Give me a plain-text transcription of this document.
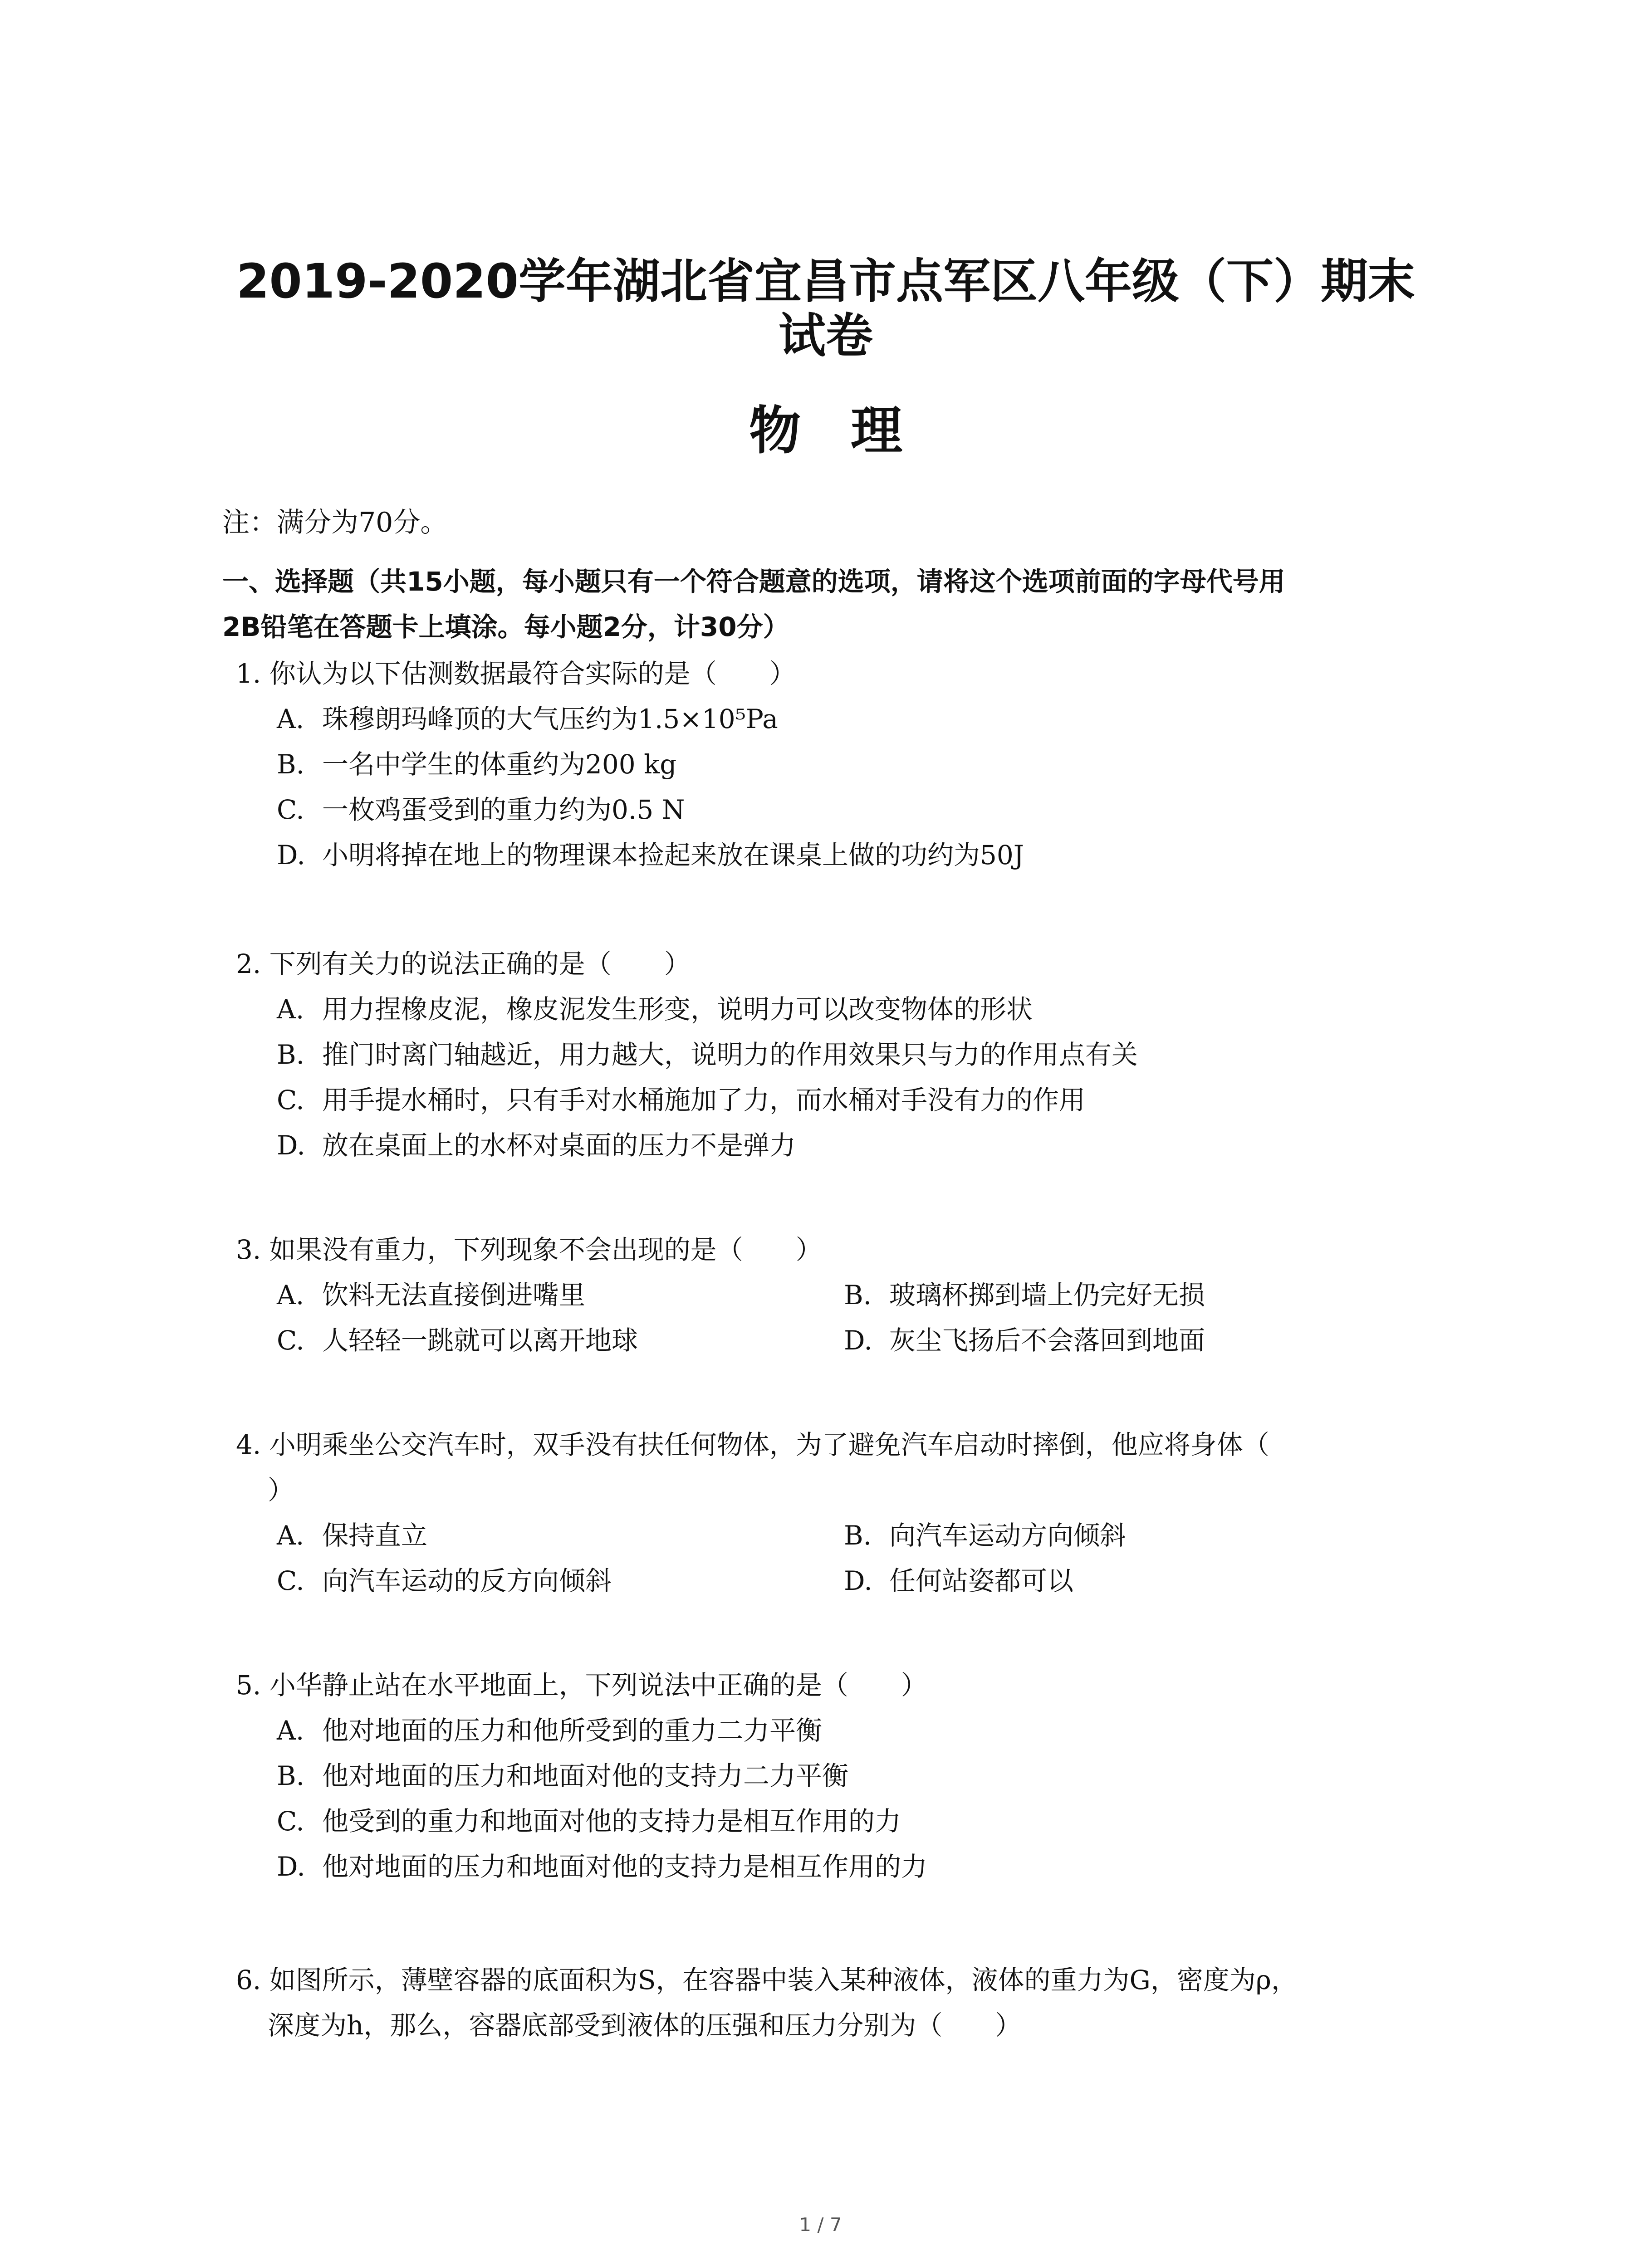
2019-2020学年湖北省宜昌市点军区八年级（下）期末
试卷
物理
注：满分为70分。
一、选择题（共15小题，每小题只有一个符合题意的选项，请将这个选项前面的字母代号用
2B铅笔在答题卡上填涂。每小题2分，计30分）
1. 你认为以下估测数据最符合实际的是（　　）
A. 珠穆朗玛峰顶的大气压约为1.5×10⁵Pa
B. 一名中学生的体重约为200 kg
C. 一枚鸡蛋受到的重力约为0.5 N
D. 小明将掉在地上的物理课本捡起来放在课桌上做的功约为50J
2. 下列有关力的说法正确的是（　　）
A. 用力捏橡皮泥，橡皮泥发生形变，说明力可以改变物体的形状
B. 推门时离门轴越近，用力越大，说明力的作用效果只与力的作用点有关
C. 用手提水桶时，只有手对水桶施加了力，而水桶对手没有力的作用
D. 放在桌面上的水杯对桌面的压力不是弹力
3. 如果没有重力，下列现象不会出现的是（　　）
A. 饮料无法直接倒进嘴里	B. 玻璃杯掷到墙上仍完好无损
C. 人轻轻一跳就可以离开地球	D. 灰尘飞扬后不会落回到地面
4. 小明乘坐公交汽车时，双手没有扶任何物体，为了避免汽车启动时摔倒，他应将身体（
）
A. 保持直立	B. 向汽车运动方向倾斜
C. 向汽车运动的反方向倾斜	D. 任何站姿都可以
5. 小华静止站在水平地面上，下列说法中正确的是（　　）
A. 他对地面的压力和他所受到的重力二力平衡
B. 他对地面的压力和地面对他的支持力二力平衡
C. 他受到的重力和地面对他的支持力是相互作用的力
D. 他对地面的压力和地面对他的支持力是相互作用的力
6. 如图所示，薄壁容器的底面积为S，在容器中装入某种液体，液体的重力为G，密度为ρ，
深度为h，那么，容器底部受到液体的压强和压力分别为（　　）
1 / 7
